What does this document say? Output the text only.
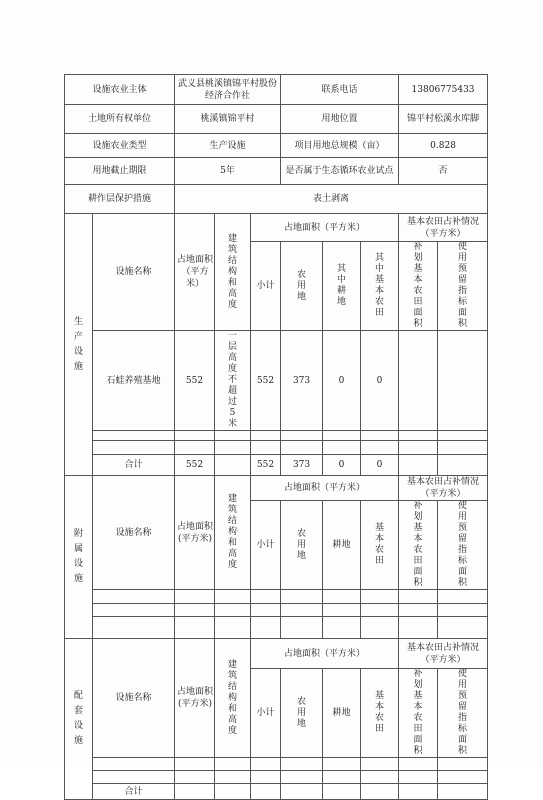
设施农业主体		武义县桃溪镇锦平村股份经济合作社			联系电话			13806775433	
土地所有权单位		桃溪镇锦平村			用地位置			锦平村松溪水库脚	
设施农业类型		生产设施			项目用地总规模（亩）			0.828	
用地截止期限		5年			是否属于生态循环农业试点			否	
耕作层保护措施		表土剥离							

生产设施	设施名称	占地面积（平方米）	建筑结构和高度	占地面积（平方米）				基本农田占补情况（平方米）	
				小计	农用地	其中耕地	其中基本农田	补划基本农田面积	使用预留指标面积

	石蛙养殖基地	552	一层高度不超过5米	552	373	0	0		

	合计	552		552	373	0	0		

附属设施	设施名称	占地面积(平方米)	建筑结构和高度	占地面积（平方米）				基本农田占补情况（平方米）	
				小计	农用地	耕地	基本农田	补划基本农田面积	使用预留指标面积

配套设施	设施名称	占地面积(平方米)	建筑结构和高度	占地面积（平方米）				基本农田占补情况（平方米）	
				小计	农用地	耕地	基本农田	补划基本农田面积	使用预留指标面积

	合计								
